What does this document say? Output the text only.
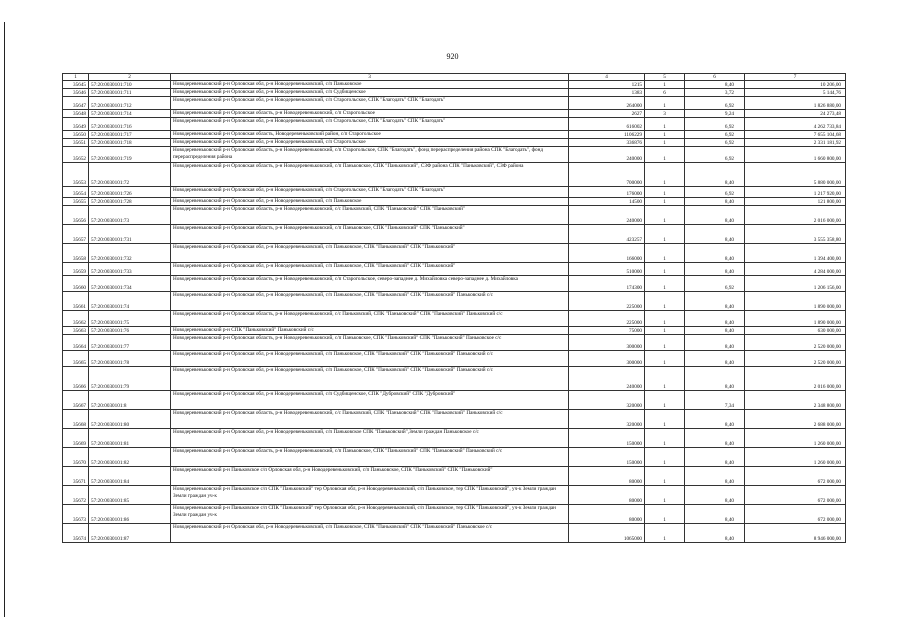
920
1	2	3	4	5	6	7
35645	57:20:0030101:710	Новодеревеньковский р-н Орловская обл, р-н Новодеревеньковский, с/п Паньковское	1215	1	8,40	10 206,00
35646	57:20:0030101:711	Новодеревеньковский р-н Орловская обл, р-н Новодеревеньковский, с/п Судбищенское	1383	6	3,72	5 144,76
35647	57:20:0030101:712	Новодеревеньковский р-н Орловская обл, р-н Новодеревеньковский, с/п Старогольское, СПК "Благодать" СПК "Благодать"	264000	1	6,92	1 826 880,00
35648	57:20:0030101:714	Новодеревеньковский р-н Орловская область, р-н Новодеревеньковский, с/п Старогольское	2627	3	9,24	24 273,48
35649	57:20:0030101:716	Новодеревеньковский р-н Орловская обл, р-н Новодеревеньковский, с/п Старогольское, СПК "Благодать" СПК "Благодать"	616002	1	6,92	4 262 733,84
35650	57:20:0030101:717	Новодеревеньковский р-н Орловская область, Новодеревеньковский район, с/п Старогольское	1106229	1	6,92	7 655 104,68
35651	57:20:0030101:718	Новодеревеньковский р-н Орловская обл, р-н Новодеревеньковский, с/п Старогольское	336876	1	6,92	2 331 181,92
35652	57:20:0030101:719	Новодеревеньковский р-н Орловская область, р-н Новодеревеньковский, с/п Старогольское, СПК "Благодать", фонд перераспределения района СПК "Благодать", фонд перераспределения района	240000	1	6,92	1 660 800,00
35653	57:20:0030101:72	Новодеревеньковский р-н Орловская область, р-н Новодеревеньковский, с/п Паньковское, СПК "Паньковский", СЗФ района СПК "Паньковский", СЗФ района	700000	1	8,40	5 880 000,00
35654	57:20:0030101:726	Новодеревеньковский р-н Орловская обл, р-н Новодеревеньковский, с/п Старогольское, СПК "Благодать" СПК "Благодать"	176000	1	6,92	1 217 920,00
35655	57:20:0030101:728	Новодеревеньковский р-н Орловская обл, р-н Новодеревеньковский, с/п Паньковское	14500	1	8,40	121 800,00
35656	57:20:0030101:73	Новодеревеньковский р-н Орловская область, р-н Новодеревеньковский, с/с Паньковский, СПК "Паньковский" СПК "Паньковский"	240000	1	8,40	2 016 000,00
35657	57:20:0030101:731	Новодеревеньковский р-н Орловская область, р-н Новодеревеньковский, с/п Паньковское, СПК "Паньковский" СПК "Паньковский"	423257	1	8,40	3 555 358,80
35658	57:20:0030101:732	Новодеревеньковский р-н Орловская обл, р-н Новодеревеньковский, с/п Паньковское, СПК "Паньковский" СПК "Паньковский"	166000	1	8,40	1 394 400,00
35659	57:20:0030101:733	Новодеревеньковский р-н Орловская обл, р-н Новодеревеньковский, с/п Паньковское, СПК "Паньковский" СПК "Паньковский"	510000	1	8,40	4 284 000,00
35660	57:20:0030101:734	Новодеревеньковский р-н Орловская область, р-н Новодеревеньковский, с/п Старогольское, северо-западнее д. Михайловка северо-западнее д. Михайловка	174300	1	6,92	1 206 156,00
35661	57:20:0030101:74	Новодеревеньковский р-н Орловская обл, р-н Новодеревеньковский, с/п Паньковское, СПК "Паньковский" СПК "Паньковский" Паньковский с/с	225000	1	8,40	1 890 000,00
35662	57:20:0030101:75	Новодеревеньковский р-н Орловская область, р-н Новодеревеньковский, с/с Паньковский, СПК "Паньковский" СПК "Паньковский" Паньковский с/с	225000	1	8,40	1 890 000,00
35663	57:20:0030101:76	Новодеревеньковский р-н СПК "Паньковский" Паньковский с/с	75000	1	8,40	630 000,00
35664	57:20:0030101:77	Новодеревеньковский р-н Орловская область, р-н Новодеревеньковский, с/п Паньковское, СПК "Паньковский" СПК "Паньковский" Паньковское с/с	300000	1	8,40	2 520 000,00
35665	57:20:0030101:78	Новодеревеньковский р-н Орловская обл, р-н Новодеревеньковский, с/п Паньковское, СПК "Паньковский" СПК "Паньковский" Паньковский с/с	300000	1	8,40	2 520 000,00
35666	57:20:0030101:79	Новодеревеньковский р-н Орловская обл, р-н Новодеревеньковский, с/п Паньковское, СПК "Паньковский" СПК "Паньковский" Паньковский с/с	240000	1	8,40	2 016 000,00
35667	57:20:0030101:8	Новодеревеньковский р-н Орловская обл, р-н Новодеревеньковский, с/п Судбищенское, СПК "Дубровский" СПК "Дубровский"	320000	1	7,34	2 348 800,00
35668	57:20:0030101:80	Новодеревеньковский р-н Орловская область, р-н Новодеревеньковский, с/с Паньковский, СПК "Паньковский" СПК "Паньковский" Паньковский с/с	320000	1	8,40	2 688 000,00
35669	57:20:0030101:81	Новодеревеньковский р-н Орловская обл, р-н Новодеревеньковский, с/п Паньковское СПК "Паньковский",Земли граждан Паньковское с/с	150000	1	8,40	1 260 000,00
35670	57:20:0030101:82	Новодеревеньковский р-н Орловская область, р-н Новодеревеньковский, с/п Паньковское, СПК "Паньковский" СПК "Паньковский" Паньковский с/с	150000	1	8,40	1 260 000,00
35671	57:20:0030101:84	Новодеревеньковский р-н Паньковское с/п Орловская обл, р-н Новодеревеньковский, с/п Паньковское, СПК "Паньковский" СПК "Паньковский"	80000	1	8,40	672 000,00
35672	57:20:0030101:85	Новодеревеньковский р-н Паньковское с/п СПК "Паньковский" тер Орловская обл, р-н Новодеревеньковский, с/п Паньковское, тер СПК "Паньковский", уч-к Земли граждан Земли граждан уч-к	80000	1	8,40	672 000,00
35673	57:20:0030101:86	Новодеревеньковский р-н Паньковское с/п СПК "Паньковский" тер Орловская обл, р-н Новодеревеньковский, с/п Паньковское, тер СПК "Паньковский", уч-к Земли граждан Земли граждан уч-к	80000	1	8,40	672 000,00
35674	57:20:0030101:87	Новодеревеньковский р-н Орловская обл, р-н Новодеревеньковский, с/п Паньковское, СПК "Паньковский" СПК "Паньковский" Паньковское с/с	1065000	1	8,40	8 946 000,00
